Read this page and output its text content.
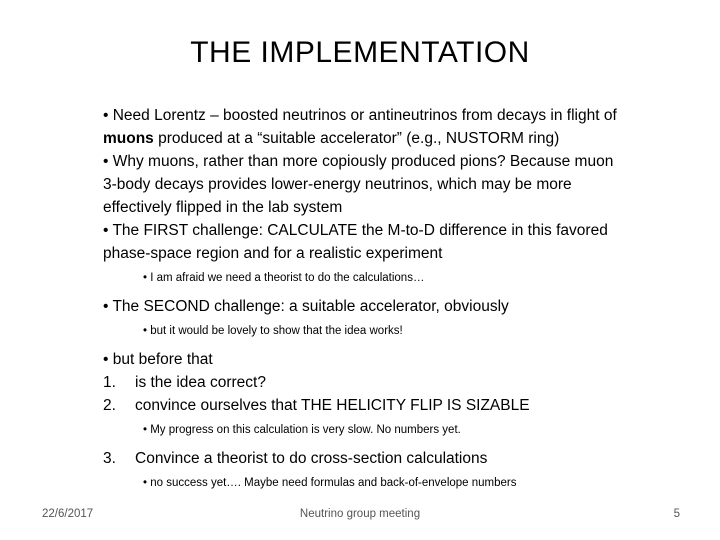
THE IMPLEMENTATION

• Need Lorentz – boosted neutrinos or antineutrinos from decays in flight of muons produced at a “suitable accelerator” (e.g., NUSTORM ring)

• Why muons, rather than more copiously produced pions? Because muon 3-body decays provides lower-energy neutrinos, which may be more effectively flipped in the lab system

• The FIRST challenge: CALCULATE the M-to-D difference in this favored phase-space region and for a realistic experiment

• I am afraid we need a theorist to do the calculations…

• The SECOND challenge: a suitable accelerator, obviously

• but it would be lovely to show that the idea works!

• but before that

1.	is the idea correct?
2.	convince ourselves that THE HELICITY FLIP IS SIZABLE
• My progress on this calculation is very slow. No numbers yet.
3.	Convince a theorist to do cross-section calculations
• no success yet…. Maybe need formulas and back-of-envelope numbers
22/6/2017	Neutrino group meeting	5
